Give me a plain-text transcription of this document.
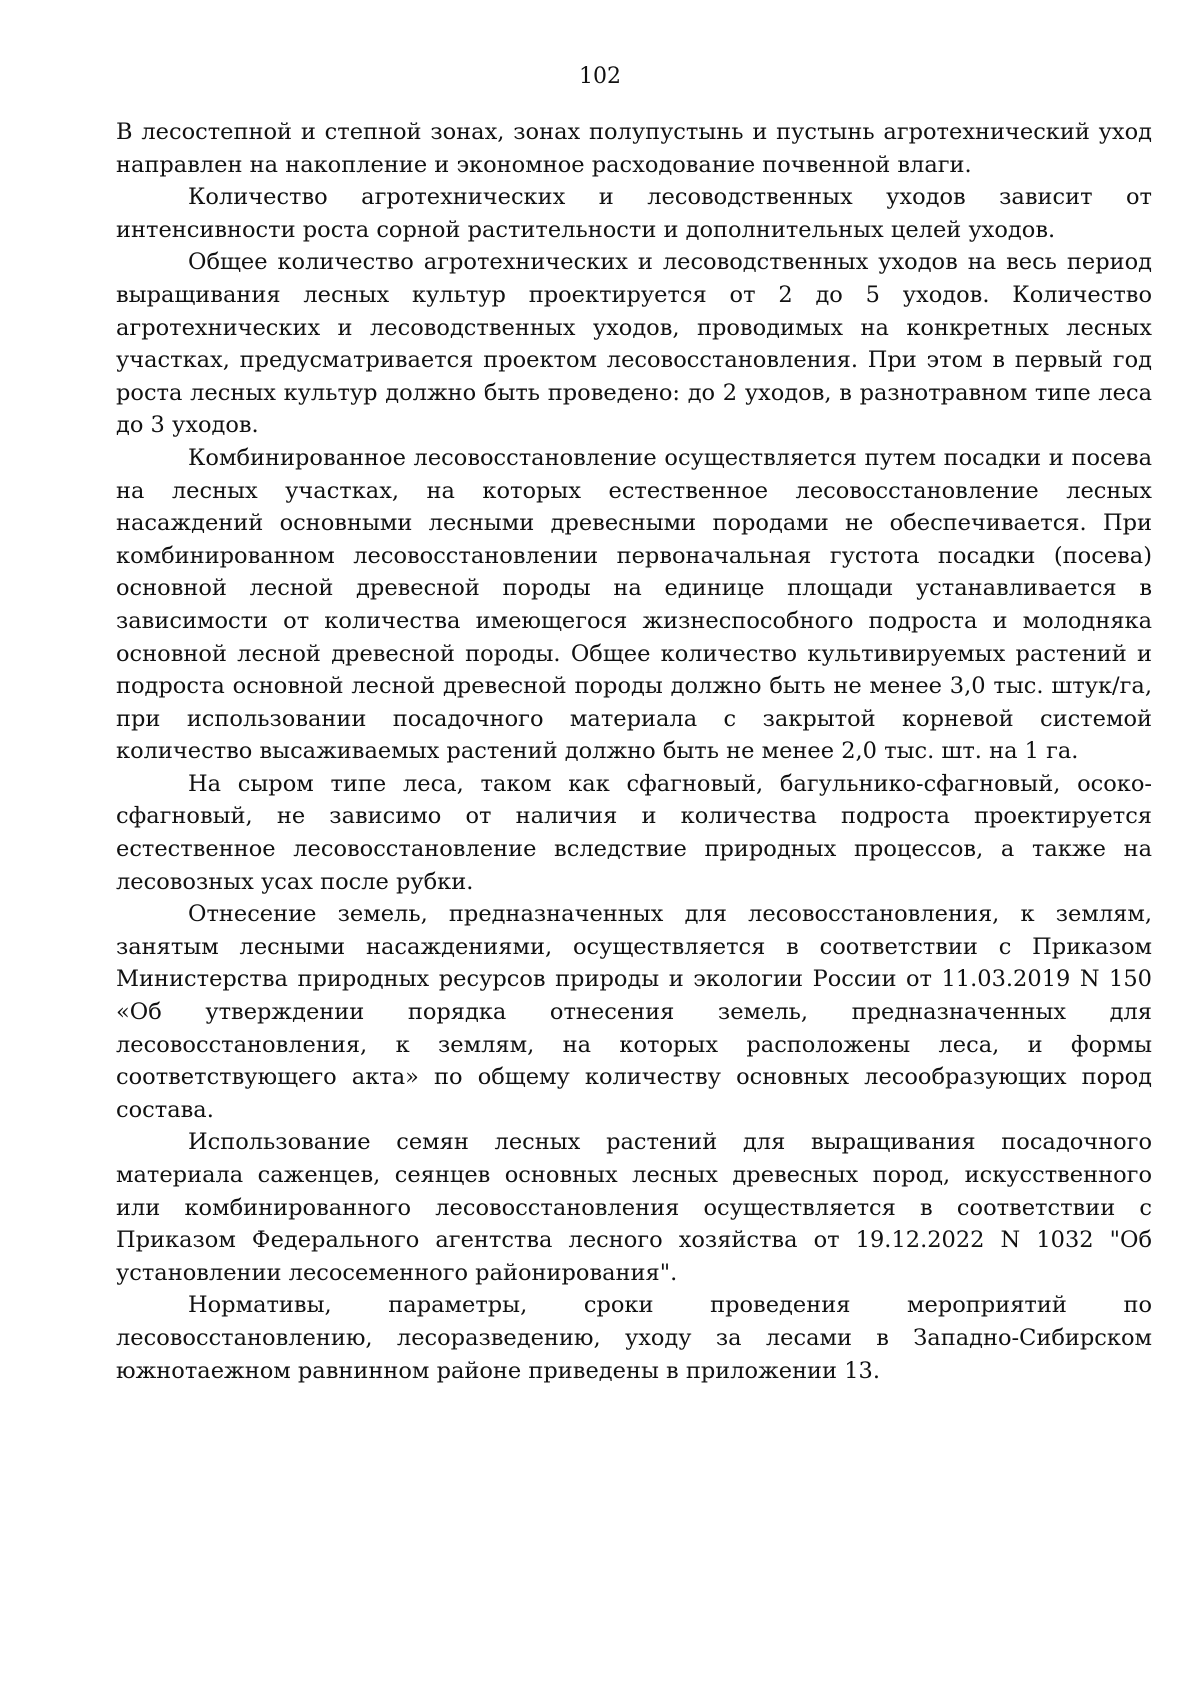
102

В лесостепной и степной зонах, зонах полупустынь и пустынь агротехнический уход направлен на накопление и экономное расходование почвенной влаги.

Количество агротехнических и лесоводственных уходов зависит от интенсивности роста сорной растительности и дополнительных целей уходов.

Общее количество агротехнических и лесоводственных уходов на весь период выращивания лесных культур проектируется от 2 до 5 уходов. Количество агротехнических и лесоводственных уходов, проводимых на конкретных лесных участках, предусматривается проектом лесовосстановления. При этом в первый год роста лесных культур должно быть проведено: до 2 уходов, в разнотравном типе леса до 3 уходов.

Комбинированное лесовосстановление осуществляется путем посадки и посева на лесных участках, на которых естественное лесовосстановление лесных насаждений основными лесными древесными породами не обеспечивается. При комбинированном лесовосстановлении первоначальная густота посадки (посева) основной лесной древесной породы на единице площади устанавливается в зависимости от количества имеющегося жизнеспособного подроста и молодняка основной лесной древесной породы. Общее количество культивируемых растений и подроста основной лесной древесной породы должно быть не менее 3,0 тыс. штук/га, при использовании посадочного материала с закрытой корневой системой количество высаживаемых растений должно быть не менее 2,0 тыс. шт. на 1 га.

На сыром типе леса, таком как сфагновый, багульнико-сфагновый, осоко-сфагновый, не зависимо от наличия и количества подроста проектируется естественное лесовосстановление вследствие природных процессов, а также на лесовозных усах после рубки.

Отнесение земель, предназначенных для лесовосстановления, к землям, занятым лесными насаждениями, осуществляется в соответствии с Приказом Министерства природных ресурсов природы и экологии России от 11.03.2019 N 150 «Об утверждении порядка отнесения земель, предназначенных для лесовосстановления, к землям, на которых расположены леса, и формы соответствующего акта» по общему количеству основных лесообразующих пород состава.

Использование семян лесных растений для выращивания посадочного материала саженцев, сеянцев основных лесных древесных пород, искусственного или комбинированного лесовосстановления осуществляется в соответствии с Приказом Федерального агентства лесного хозяйства от 19.12.2022 N 1032 "Об установлении лесосеменного районирования".

Нормативы, параметры, сроки проведения мероприятий по лесовосстановлению, лесоразведению, уходу за лесами в Западно-Сибирском южнотаежном равнинном районе приведены в приложении 13.
